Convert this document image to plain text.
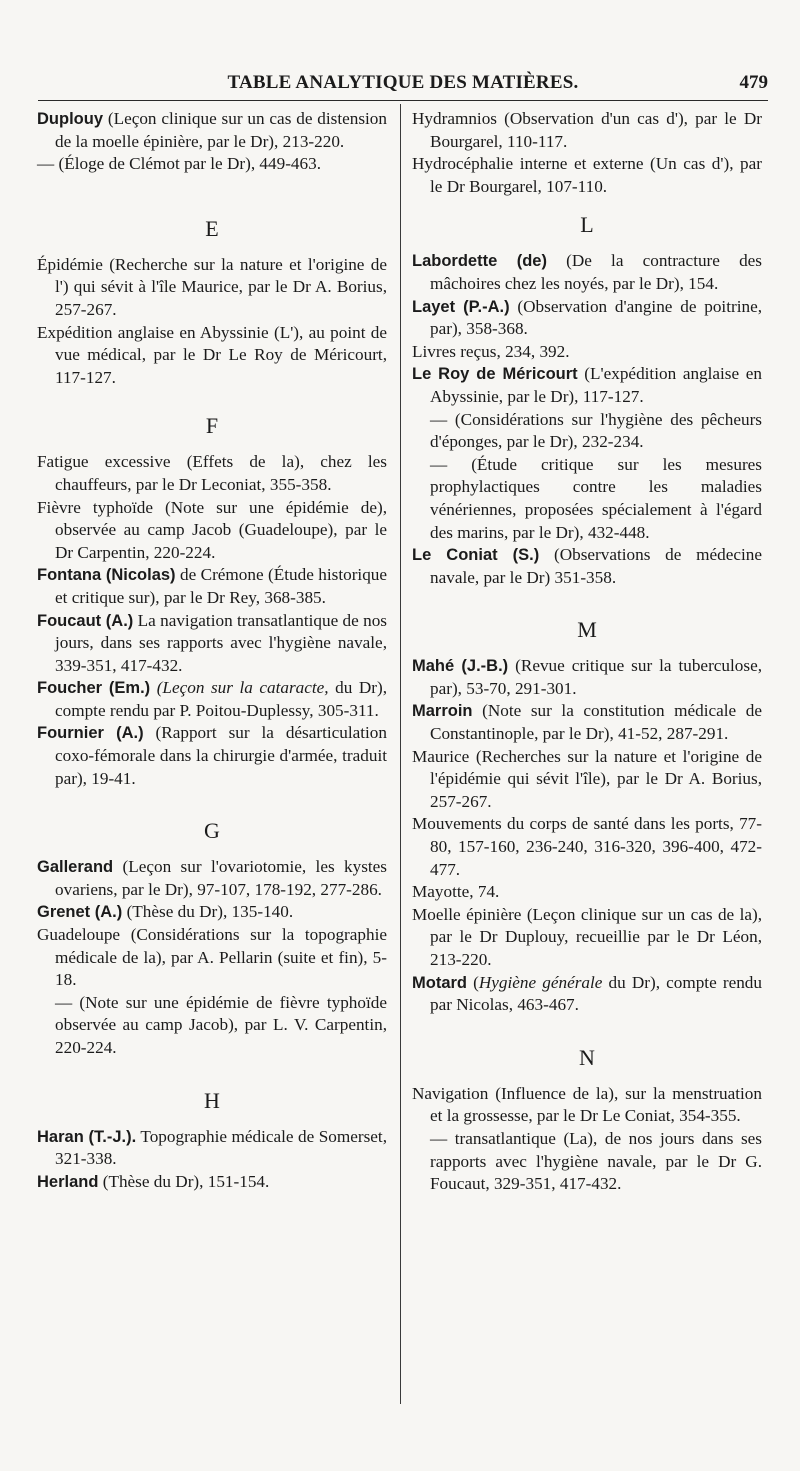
TABLE ANALYTIQUE DES MATIÈRES.	479

Duplouy (Leçon clinique sur un cas de distension de la moelle épinière, par le Dr), 213-220.

— (Éloge de Clémot par le Dr), 449-463.

E

Épidémie (Recherche sur la nature et l'origine de l') qui sévit à l'île Maurice, par le Dr A. Borius, 257-267.

Expédition anglaise en Abyssinie (L'), au point de vue médical, par le Dr Le Roy de Méricourt, 117-127.

F

Fatigue excessive (Effets de la), chez les chauffeurs, par le Dr Leconiat, 355-358.

Fièvre typhoïde (Note sur une épidémie de), observée au camp Jacob (Guadeloupe), par le Dr Carpentin, 220-224.

Fontana (Nicolas) de Crémone (Étude historique et critique sur), par le Dr Rey, 368-385.

Foucaut (A.) La navigation transatlantique de nos jours, dans ses rapports avec l'hygiène navale, 339-351, 417-432.

Foucher (Em.) (Leçon sur la cataracte, du Dr), compte rendu par P. Poitou-Duplessy, 305-311.

Fournier (A.) (Rapport sur la désarticulation coxo-fémorale dans la chirurgie d'armée, traduit par), 19-41.

G

Gallerand (Leçon sur l'ovariotomie, les kystes ovariens, par le Dr), 97-107, 178-192, 277-286.

Grenet (A.) (Thèse du Dr), 135-140.

Guadeloupe (Considérations sur la topographie médicale de la), par A. Pellarin (suite et fin), 5-18.

— (Note sur une épidémie de fièvre typhoïde observée au camp Jacob), par L. V. Carpentin, 220-224.

H

Haran (T.-J.). Topographie médicale de Somerset, 321-338.

Herland (Thèse du Dr), 151-154.

Hydramnios (Observation d'un cas d'), par le Dr Bourgarel, 110-117.

Hydrocéphalie interne et externe (Un cas d'), par le Dr Bourgarel, 107-110.

L

Labordette (de) (De la contracture des mâchoires chez les noyés, par le Dr), 154.

Layet (P.-A.) (Observation d'angine de poitrine, par), 358-368.

Livres reçus, 234, 392.

Le Roy de Méricourt (L'expédition anglaise en Abyssinie, par le Dr), 117-127.

— (Considérations sur l'hygiène des pêcheurs d'éponges, par le Dr), 232-234.

— (Étude critique sur les mesures prophylactiques contre les maladies vénériennes, proposées spécialement à l'égard des marins, par le Dr), 432-448.

Le Coniat (S.) (Observations de médecine navale, par le Dr) 351-358.

M

Mahé (J.-B.) (Revue critique sur la tuberculose, par), 53-70, 291-301.

Marroin (Note sur la constitution médicale de Constantinople, par le Dr), 41-52, 287-291.

Maurice (Recherches sur la nature et l'origine de l'épidémie qui sévit l'île), par le Dr A. Borius, 257-267.

Mouvements du corps de santé dans les ports, 77-80, 157-160, 236-240, 316-320, 396-400, 472-477.

Mayotte, 74.

Moelle épinière (Leçon clinique sur un cas de la), par le Dr Duplouy, recueillie par le Dr Léon, 213-220.

Motard (Hygiène générale du Dr), compte rendu par Nicolas, 463-467.

N

Navigation (Influence de la), sur la menstruation et la grossesse, par le Dr Le Coniat, 354-355.

— transatlantique (La), de nos jours dans ses rapports avec l'hygiène navale, par le Dr G. Foucaut, 329-351, 417-432.
